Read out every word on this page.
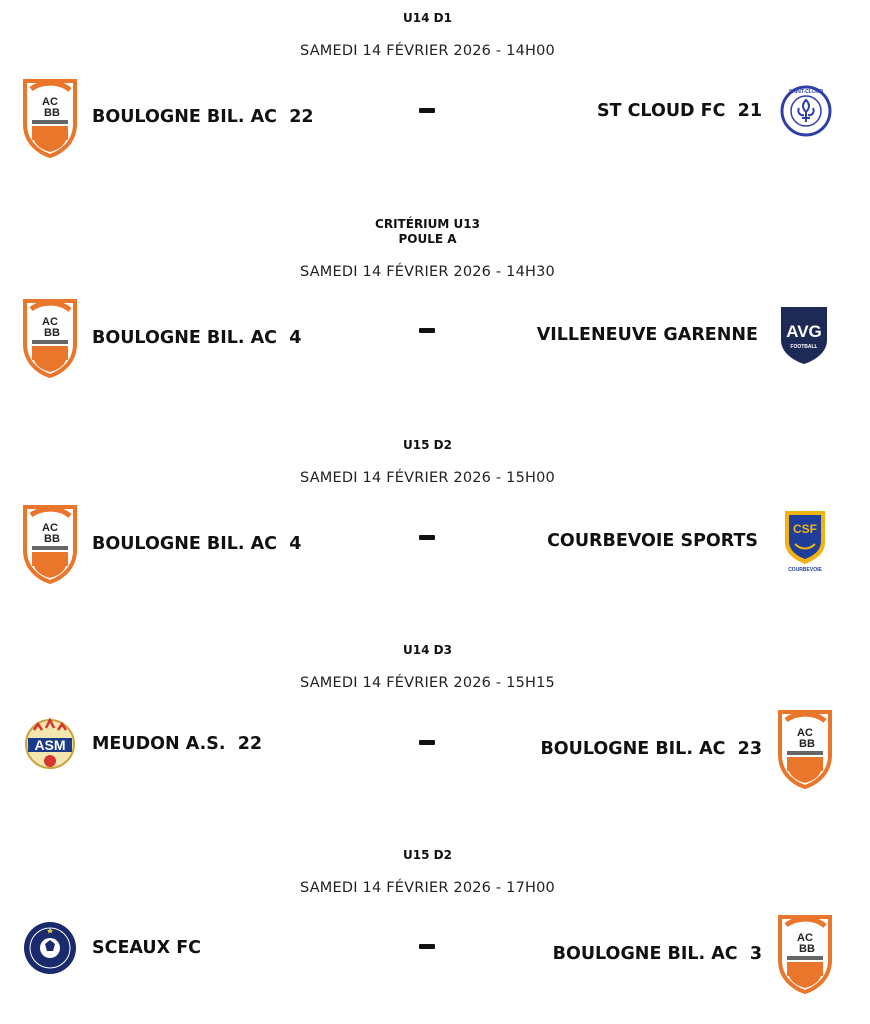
U14 D1
SAMEDI 14 FÉVRIER 2026 - 14H00
AC
BB BOULOGNE BIL. AC 22	ST CLOUD FC 21
SAINT-CLOUD
CRITÉRIUM U13
POULE A
SAMEDI 14 FÉVRIER 2026 - 14H30
AC
BB BOULOGNE BIL. AC 4	VILLENEUVE GARENNE AVG
FOOTBALL
U15 D2
SAMEDI 14 FÉVRIER 2026 - 15H00
AC
BB BOULOGNE BIL. AC 4	COURBEVOIE SPORTS
CSF
COURBEVOIE
U14 D3
SAMEDI 14 FÉVRIER 2026 - 15H15
ASM MEUDON A.S. 22	BOULOGNE BIL. AC 23
AC
BB
U15 D2
SAMEDI 14 FÉVRIER 2026 - 17H00
SCEAUX FC	BOULOGNE BIL. AC 3
AC
BB
